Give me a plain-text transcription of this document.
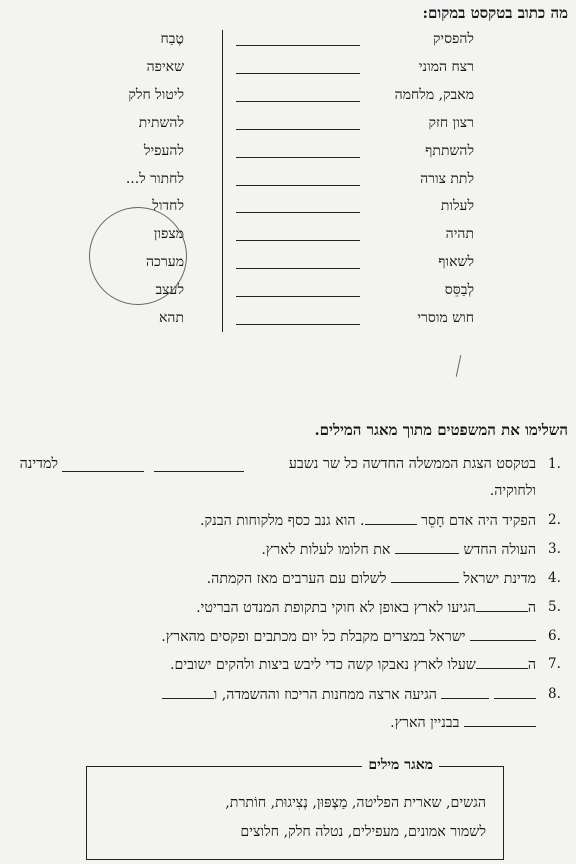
מה כתוב בטקסט במקום:
להפסיק
טֶבַח
רצח המוני
שאיפה
מאבק, מלחמה
ליטול חלק
רצון חזק
להשתית
להשתתף
להעפיל
לתת צורה
לחתור ל...
לעלות
לחדול
תהיה
מצפון
לשאוף
מערכה
לְבַסֵּס
לעצב
חוש מוסרי
תהא
השלימו את המשפטים מתוך מאגר המילים.
1.
בטקסט הצגת הממשלה החדשה כל שר נשבע
למדינה
ולחוקיה.
2.
הפקיד היה אדם חָסֵר . הוא גנב כסף מלקוחות הבנק.
3.
העולה החדש  את חלומו לעלות לארץ.
4.
מדינת ישראל  לשלום עם הערבים מאז הקמתה.
5.
ההגיעו לארץ באופן לא חוקי בתקופת המנדט הבריטי.
6.
ישראל במצרים מקבלת כל יום מכתבים ופקסים מהארץ.
7.
השעלו לארץ נאבקו קשה כדי ליבש ביצות ולהקים ישובים.
8.
הגיעה ארצה ממחנות הריכוז וההשמדה, ו
בבניין הארץ.
מאגר מילים
הגשים, שארית הפליטה, מַצְפּוּן, נְצִיגוּת, חוֹתרת,
לשמור אמונים, מעפילים, נטלה חלק, חלוצים
